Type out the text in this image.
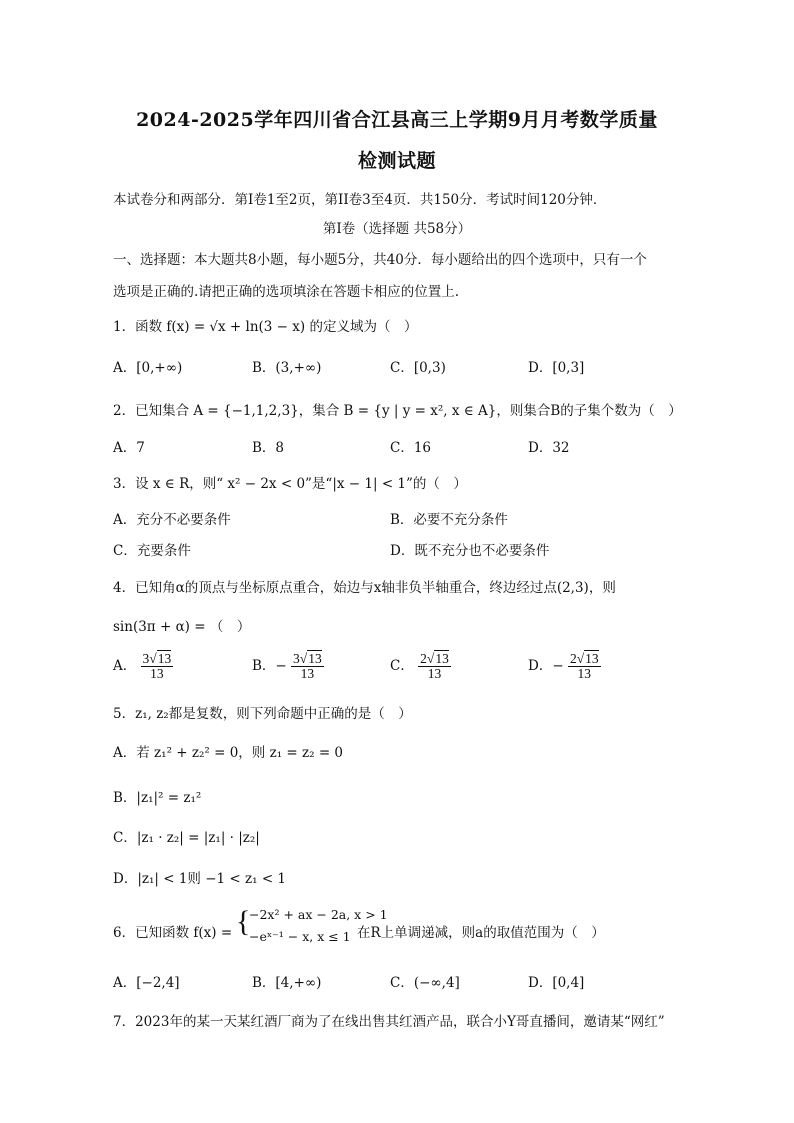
2024-2025学年四川省合江县高三上学期9月月考数学质量
检测试题
本试卷分和两部分．第I卷1至2页，第II卷3至4页．共150分．考试时间120分钟．
第I卷（选择题 共58分）
一、选择题：本大题共8小题，每小题5分，共40分．每小题给出的四个选项中，只有一个
选项是正确的.请把正确的选项填涂在答题卡相应的位置上.
1．函数 f(x) = √x + ln(3 − x) 的定义域为（　）
A．[0,+∞)	B．(3,+∞)	C．[0,3)	D．[0,3]
2．已知集合 A = {−1,1,2,3}，集合 B = {y | y = x², x ∈ A}，则集合B的子集个数为（　）
A．7	B．8	C．16	D．32
3．设 x ∈ R，则“ x² − 2x < 0”是“|x − 1| < 1”的（　）
A．充分不必要条件	B．必要不充分条件
C．充要条件	D．既不充分也不必要条件
4．已知角α的顶点与坐标原点重合，始边与x轴非负半轴重合，终边经过点(2,3)，则
sin(3π + α) = （　）
A． $\frac{3√13}{13}$	B．− $\frac{3√13}{13}$	C． $\frac{2√13}{13}$	D．− $\frac{2√13}{13}$
5．z₁, z₂都是复数，则下列命题中正确的是（　）
A．若 z₁² + z₂² = 0，则 z₁ = z₂ = 0
B．|z₁|² = z₁²
C．|z₁ · z₂| = |z₁| · |z₂|
D．|z₁| < 1则 −1 < z₁ < 1
6．已知函数 f(x) = {
−2x² + ax − 2a, x > 1
−eˣ⁻¹ − x, x ≤ 1 在R上单调递减，则a的取值范围为（　）
A．[−2,4]	B．[4,+∞)	C．(−∞,4]	D．[0,4]
7．2023年的某一天某红酒厂商为了在线出售其红酒产品，联合小Y哥直播间，邀请某“网红”
